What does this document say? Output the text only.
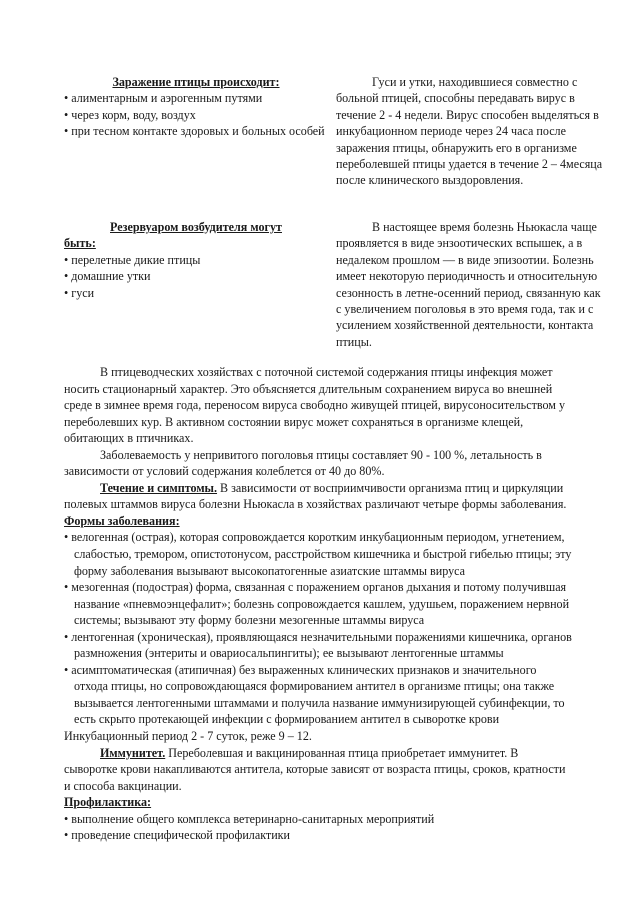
Заражение птицы происходит:

• алиментарным и аэрогенным путями
• через корм, воду, воздух
• при тесном контакте здоровых и больных особей

Гуси и утки, находившиеся совместно с больной птицей, способны передавать вирус в течение 2 - 4 недели. Вирус способен выделяться в инкубационном периоде через 24 часа после заражения птицы, обнаружить его в организме переболевшей птицы удается в течение 2 – 4месяца после клинического выздоровления.

Резервуаром возбудителя могут

быть:

• перелетные дикие птицы
• домашние утки
• гуси

В настоящее время болезнь Ньюкасла чаще проявляется в виде энзоотических вспышек, а в недалеком прошлом — в виде эпизоотии. Болезнь имеет некоторую периодичность и относительную сезонность в летне-осенний период, связанную как с увеличением поголовья в это время года, так и с усилением хозяйственной деятельности, контакта птицы.

В птицеводческих хозяйствах с поточной системой содержания птицы инфекция может носить стационарный характер. Это объясняется длительным сохранением вируса во внешней среде в зимнее время года, переносом вируса свободно живущей птицей, вирусоносительством у переболевших кур. В активном состоянии вирус может сохраняться в организме клещей, обитающих в птичниках.

Заболеваемость у непривитого поголовья птицы составляет 90 - 100 %, летальность в зависимости от условий содержания колеблется от 40 до 80%.

Течение и симптомы. В зависимости от восприимчивости организма птиц и циркуляции полевых штаммов вируса болезни Ньюкасла в хозяйствах различают четыре формы заболевания.

Формы заболевания:

• велогенная (острая), которая сопровождается коротким инкубационным периодом, угнетением, слабостью, тремором, опистотонусом, расстройством кишечника и быстрой гибелью птицы; эту форму заболевания вызывают высокопатогенные азиатские штаммы вируса
• мезогенная (подострая) форма, связанная с поражением органов дыхания и потому получившая название «пневмоэнцефалит»; болезнь сопровождается кашлем, удушьем, поражением нервной системы; вызывают эту форму болезни мезогенные штаммы вируса
• лентогенная (хроническая), проявляющаяся незначительными поражениями кишечника, органов размножения (энтериты и овариосальпингиты); ее вызывают лентогенные штаммы
• асимптоматическая (атипичная) без выраженных клинических признаков и значительного отхода птицы, но сопровождающаяся формированием антител в организме птицы; она также вызывается лентогенными штаммами и получила название иммунизирующей субинфекции, то есть скрыто протекающей инфекции с формированием антител в сыворотке крови

Инкубационный период 2 - 7 суток, реже 9 – 12.

Иммунитет. Переболевшая и вакцинированная птица приобретает иммунитет. В сыворотке крови накапливаются антитела, которые зависят от возраста птицы, сроков, кратности и способа вакцинации.

Профилактика:

• выполнение общего комплекса ветеринарно-санитарных мероприятий
• проведение специфической профилактики
